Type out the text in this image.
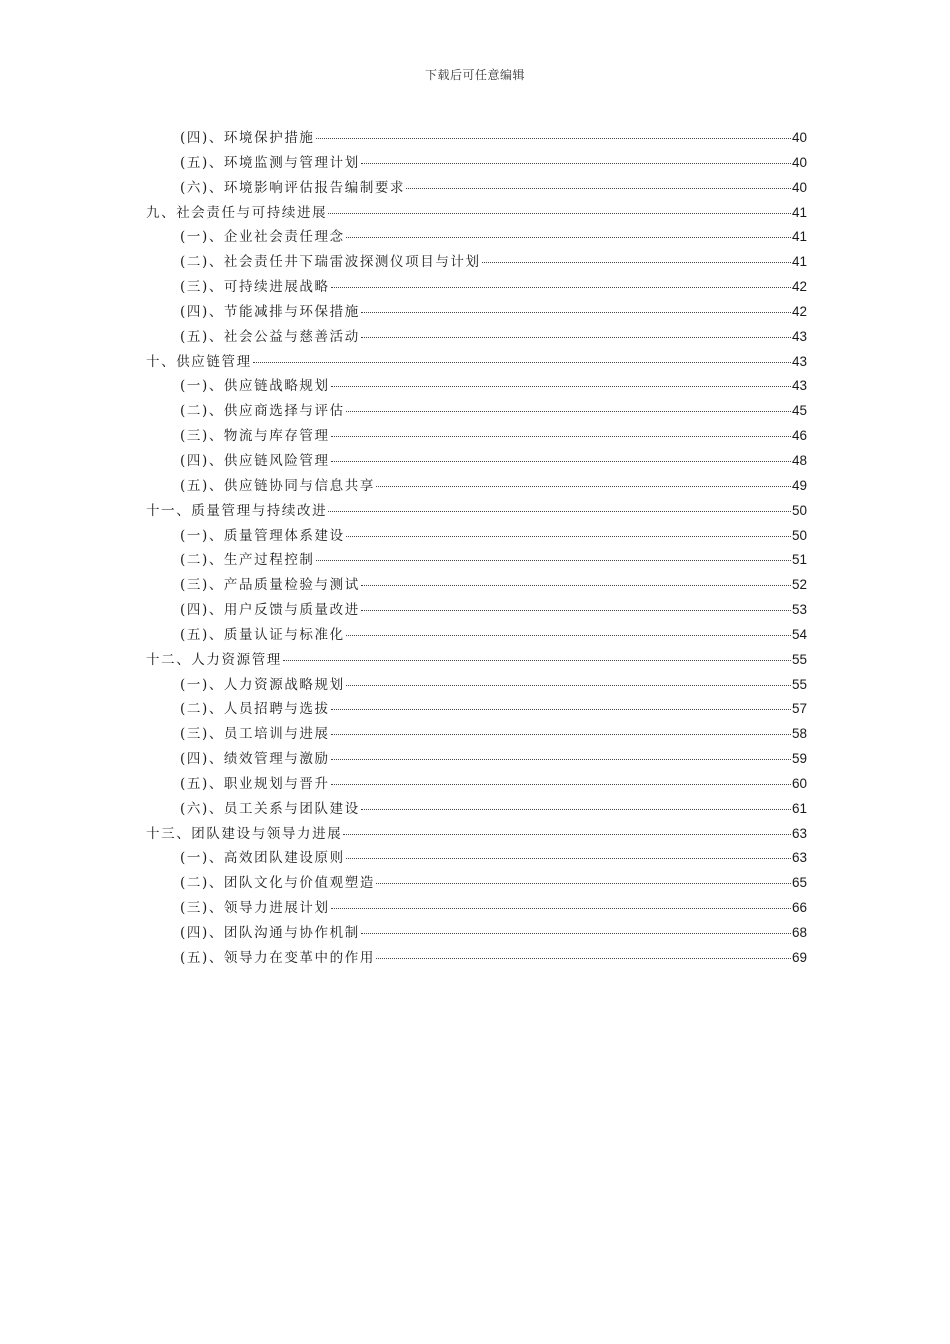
下载后可任意编辑
(四)、环境保护措施	40
(五)、环境监测与管理计划	40
(六)、环境影响评估报告编制要求	40
九、社会责任与可持续进展	41
(一)、企业社会责任理念	41
(二)、社会责任井下瑞雷波探测仪项目与计划	41
(三)、可持续进展战略	42
(四)、节能减排与环保措施	42
(五)、社会公益与慈善活动	43
十、供应链管理	43
(一)、供应链战略规划	43
(二)、供应商选择与评估	45
(三)、物流与库存管理	46
(四)、供应链风险管理	48
(五)、供应链协同与信息共享	49
十一、质量管理与持续改进	50
(一)、质量管理体系建设	50
(二)、生产过程控制	51
(三)、产品质量检验与测试	52
(四)、用户反馈与质量改进	53
(五)、质量认证与标准化	54
十二、人力资源管理	55
(一)、人力资源战略规划	55
(二)、人员招聘与选拔	57
(三)、员工培训与进展	58
(四)、绩效管理与激励	59
(五)、职业规划与晋升	60
(六)、员工关系与团队建设	61
十三、团队建设与领导力进展	63
(一)、高效团队建设原则	63
(二)、团队文化与价值观塑造	65
(三)、领导力进展计划	66
(四)、团队沟通与协作机制	68
(五)、领导力在变革中的作用	69
